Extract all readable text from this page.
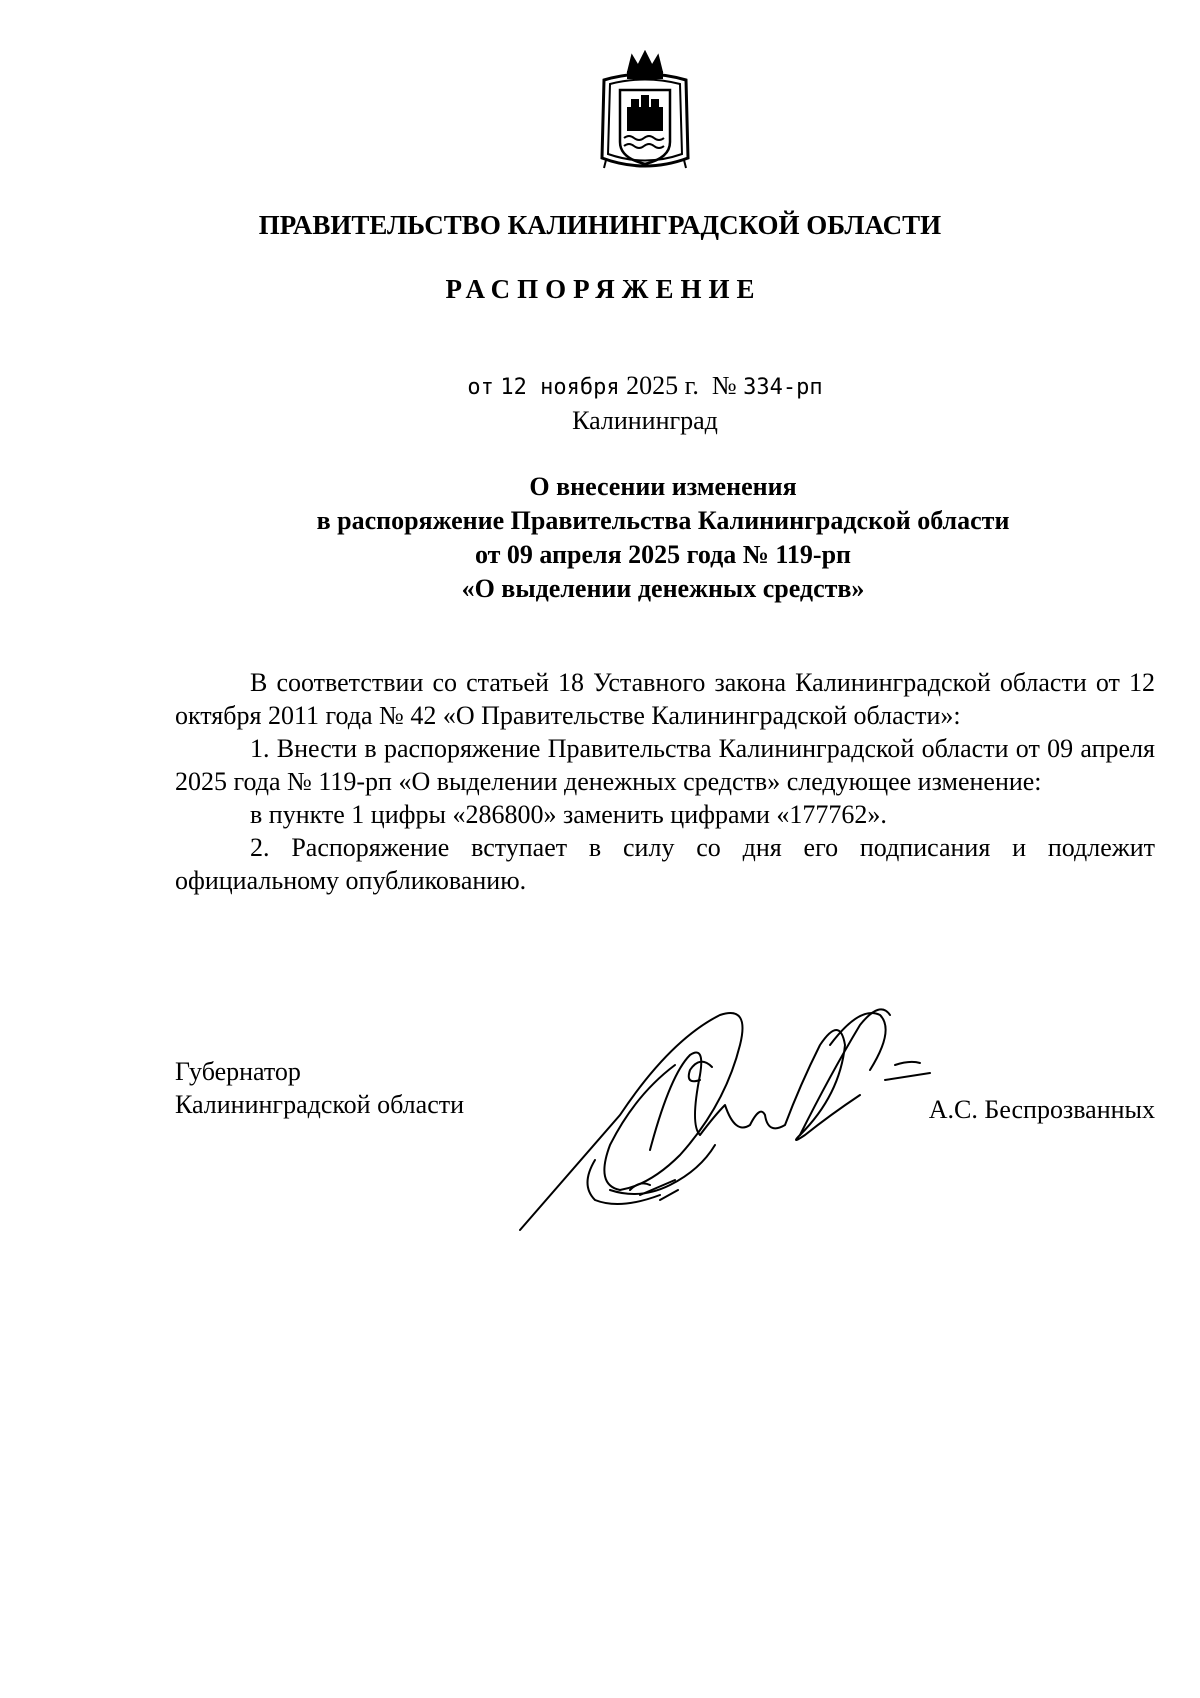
ПРАВИТЕЛЬСТВО КАЛИНИНГРАДСКОЙ ОБЛАСТИ
РАСПОРЯЖЕНИЕ
от 12 ноября 2025 г. № 334-рп
Калининград
О внесении изменения
в распоряжение Правительства Калининградской области
от 09 апреля 2025 года № 119-рп
«О выделении денежных средств»

В соответствии со статьей 18 Уставного закона Калининградской области от 12 октября 2011 года № 42 «О Правительстве Калининградской области»:

1. Внести в распоряжение Правительства Калининградской области от 09 апреля 2025 года № 119-рп «О выделении денежных средств» следующее изменение:

в пункте 1 цифры «286800» заменить цифрами «177762».

2. Распоряжение вступает в силу со дня его подписания и подлежит официальному опубликованию.

Губернатор
Калининградской области	А.С. Беспрозванных
